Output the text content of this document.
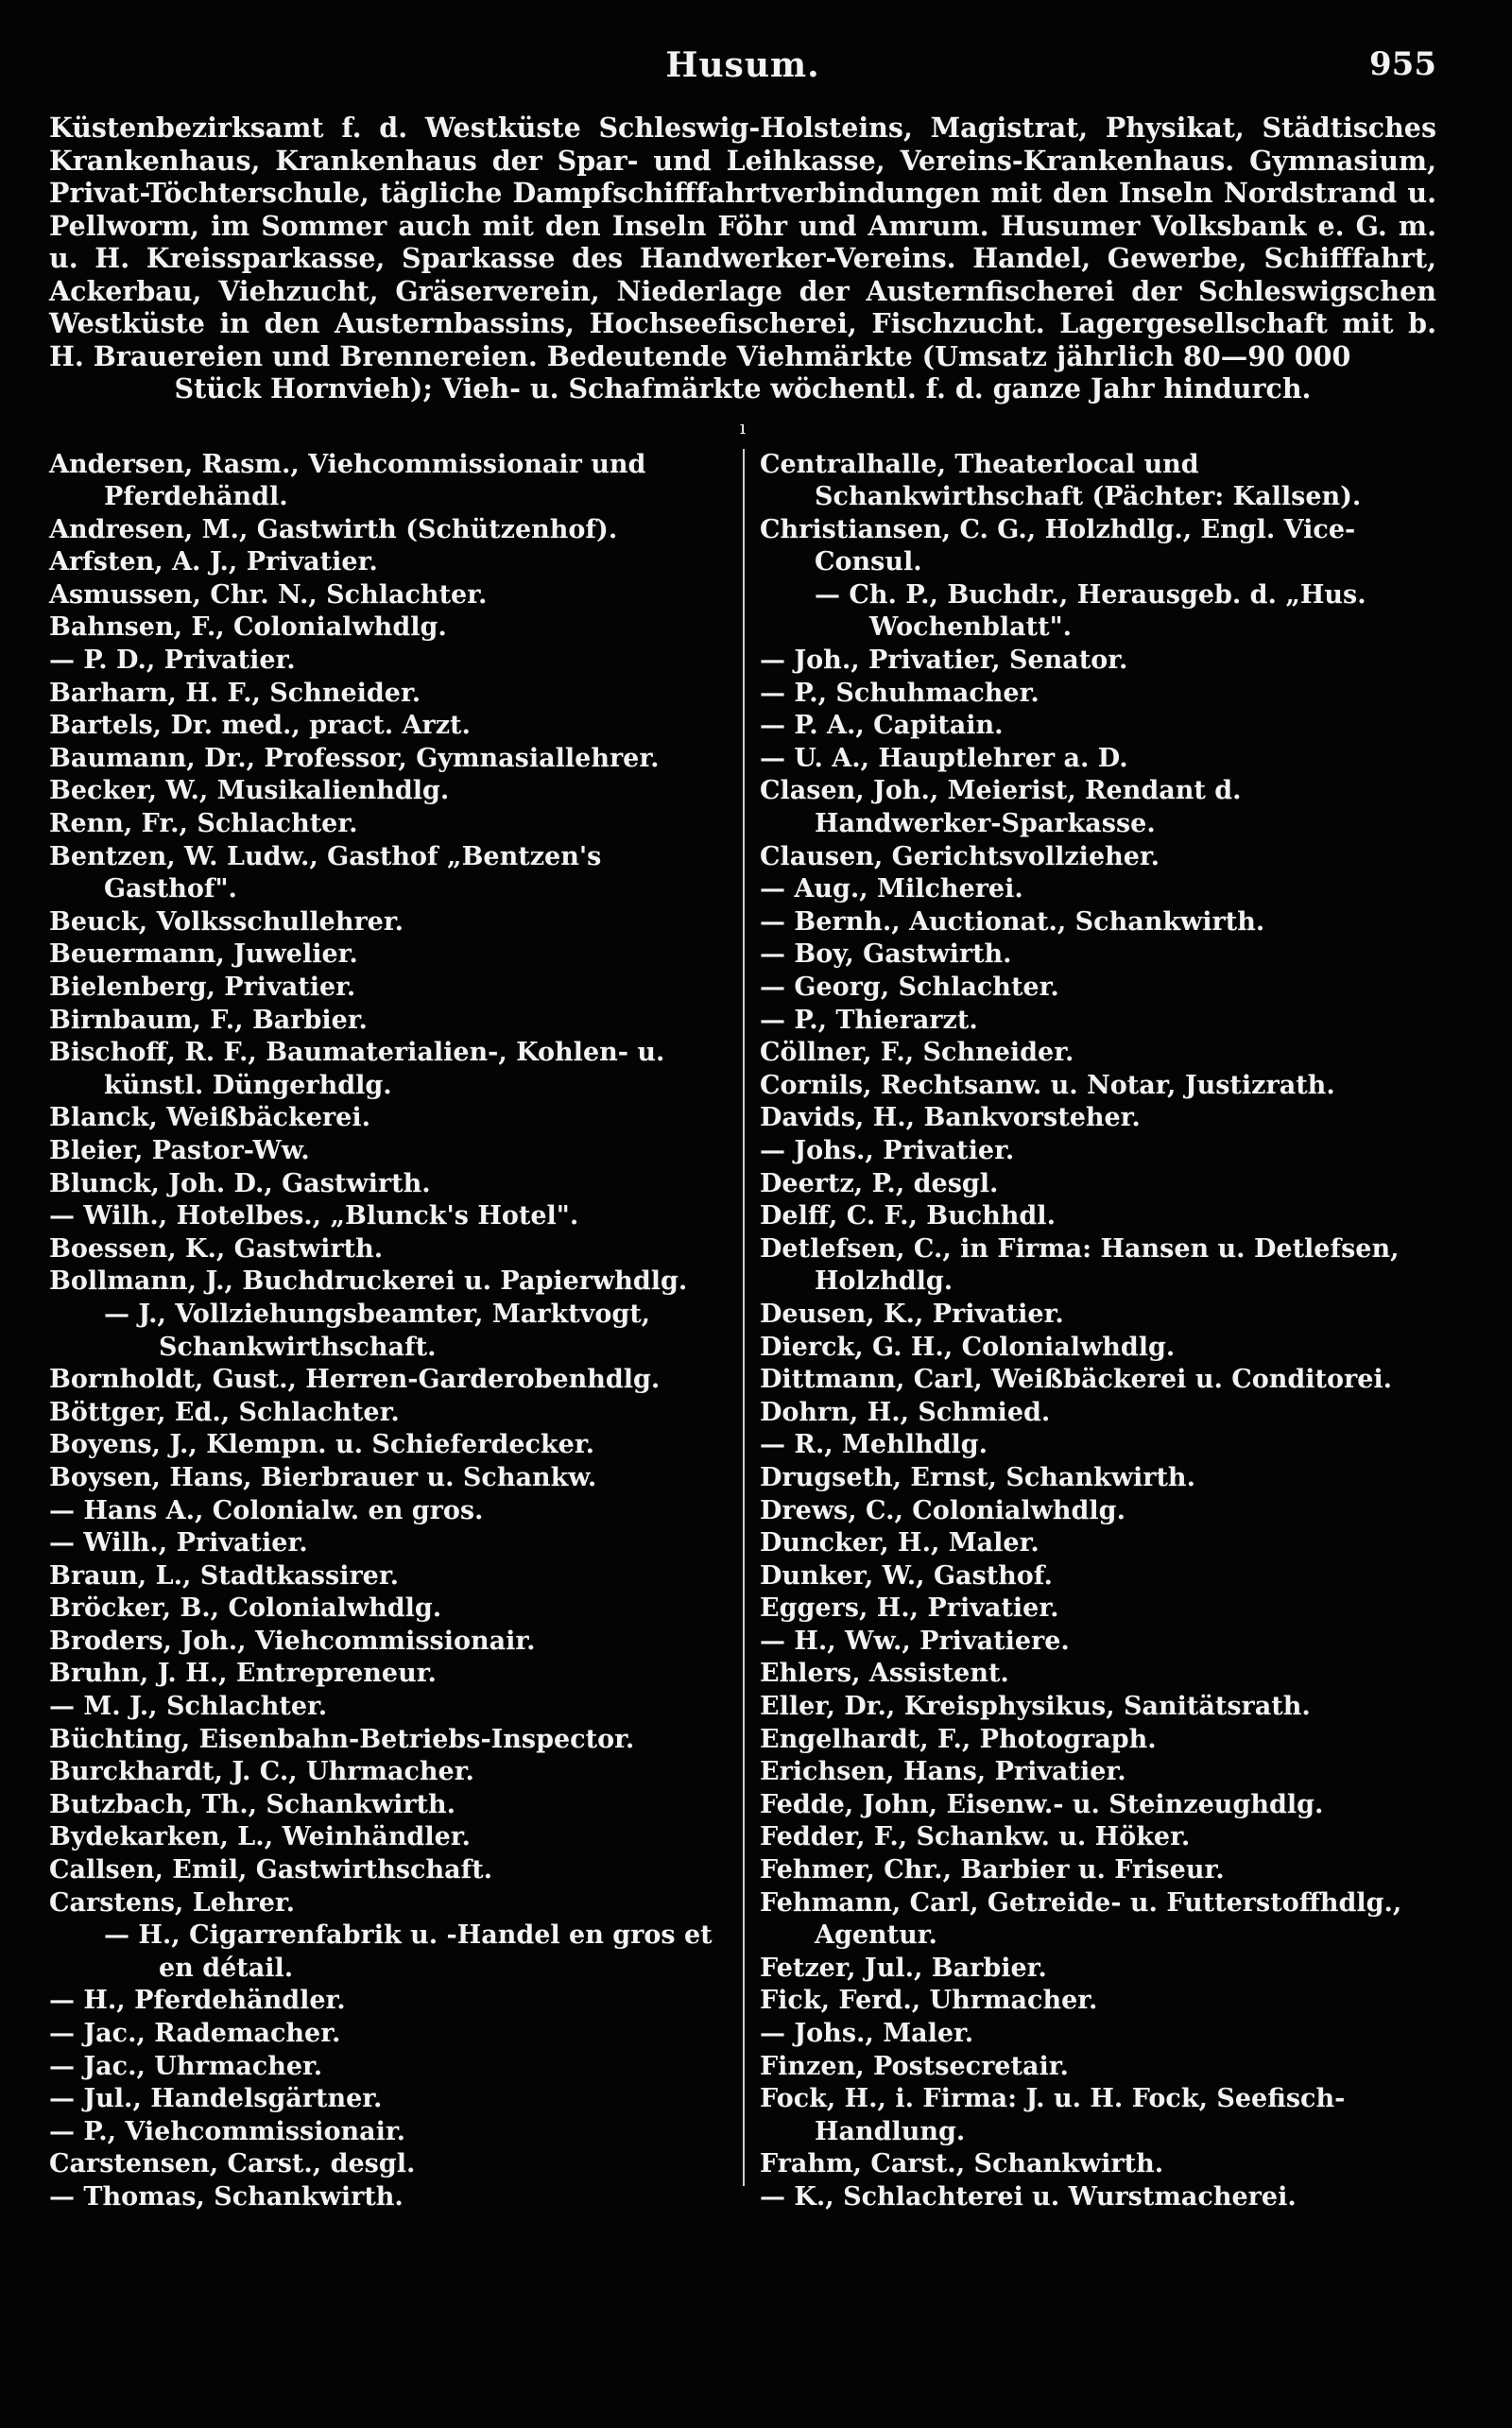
Husum.	955
Küstenbezirksamt f. d. Westküste Schleswig-Holsteins, Magistrat, Physikat, Städtisches Krankenhaus, Krankenhaus der Spar- und Leihkasse, Vereins-Krankenhaus. Gymnasium, Privat-Töchterschule, tägliche Dampfschifffahrtverbindungen mit den Inseln Nordstrand u. Pellworm, im Sommer auch mit den Inseln Föhr und Amrum. Husumer Volksbank e. G. m. u. H. Kreissparkasse, Sparkasse des Handwerker-Vereins. Handel, Gewerbe, Schifffahrt, Ackerbau, Viehzucht, Gräserverein, Niederlage der Austernfischerei der Schleswigschen Westküste in den Austernbassins, Hochseefischerei, Fischzucht. Lagergesellschaft mit b. H. Brauereien und Brennereien. Bedeutende Viehmärkte (Umsatz jährlich 80—90 000
Stück Hornvieh); Vieh- u. Schafmärkte wöchentl. f. d. ganze Jahr hindurch.
ı
Andersen, Rasm., Viehcommissionair und Pferdehändl.
Andresen, M., Gastwirth (Schützenhof).
Arfsten, A. J., Privatier.
Asmussen, Chr. N., Schlachter.
Bahnsen, F., Colonialwhdlg.
— P. D., Privatier.
Barharn, H. F., Schneider.
Bartels, Dr. med., pract. Arzt.
Baumann, Dr., Professor, Gymnasiallehrer.
Becker, W., Musikalienhdlg.
Renn, Fr., Schlachter.
Bentzen, W. Ludw., Gasthof „Bentzen's Gasthof".
Beuck, Volksschullehrer.
Beuermann, Juwelier.
Bielenberg, Privatier.
Birnbaum, F., Barbier.
Bischoff, R. F., Baumaterialien-, Kohlen- u. künstl. Düngerhdlg.
Blanck, Weißbäckerei.
Bleier, Pastor-Ww.
Blunck, Joh. D., Gastwirth.
— Wilh., Hotelbes., „Blunck's Hotel".
Boessen, K., Gastwirth.
Bollmann, J., Buchdruckerei u. Papierwhdlg.
— J., Vollziehungsbeamter, Marktvogt, Schankwirthschaft.
Bornholdt, Gust., Herren-Garderobenhdlg.
Böttger, Ed., Schlachter.
Boyens, J., Klempn. u. Schieferdecker.
Boysen, Hans, Bierbrauer u. Schankw.
— Hans A., Colonialw. en gros.
— Wilh., Privatier.
Braun, L., Stadtkassirer.
Bröcker, B., Colonialwhdlg.
Broders, Joh., Viehcommissionair.
Bruhn, J. H., Entrepreneur.
— M. J., Schlachter.
Büchting, Eisenbahn-Betriebs-Inspector.
Burckhardt, J. C., Uhrmacher.
Butzbach, Th., Schankwirth.
Bydekarken, L., Weinhändler.
Callsen, Emil, Gastwirthschaft.
Carstens, Lehrer.
— H., Cigarrenfabrik u. -Handel en gros et en détail.
— H., Pferdehändler.
— Jac., Rademacher.
— Jac., Uhrmacher.
— Jul., Handelsgärtner.
— P., Viehcommissionair.
Carstensen, Carst., desgl.
— Thomas, Schankwirth.
Centralhalle, Theaterlocal und Schankwirthschaft (Pächter: Kallsen).
Christiansen, C. G., Holzhdlg., Engl. Vice-Consul.
— Ch. P., Buchdr., Herausgeb. d. „Hus. Wochenblatt".
— Joh., Privatier, Senator.
— P., Schuhmacher.
— P. A., Capitain.
— U. A., Hauptlehrer a. D.
Clasen, Joh., Meierist, Rendant d. Handwerker-Sparkasse.
Clausen, Gerichtsvollzieher.
— Aug., Milcherei.
— Bernh., Auctionat., Schankwirth.
— Boy, Gastwirth.
— Georg, Schlachter.
— P., Thierarzt.
Cöllner, F., Schneider.
Cornils, Rechtsanw. u. Notar, Justizrath.
Davids, H., Bankvorsteher.
— Johs., Privatier.
Deertz, P., desgl.
Delff, C. F., Buchhdl.
Detlefsen, C., in Firma: Hansen u. Detlefsen, Holzhdlg.
Deusen, K., Privatier.
Dierck, G. H., Colonialwhdlg.
Dittmann, Carl, Weißbäckerei u. Conditorei.
Dohrn, H., Schmied.
— R., Mehlhdlg.
Drugseth, Ernst, Schankwirth.
Drews, C., Colonialwhdlg.
Duncker, H., Maler.
Dunker, W., Gasthof.
Eggers, H., Privatier.
— H., Ww., Privatiere.
Ehlers, Assistent.
Eller, Dr., Kreisphysikus, Sanitätsrath.
Engelhardt, F., Photograph.
Erichsen, Hans, Privatier.
Fedde, John, Eisenw.- u. Steinzeughdlg.
Fedder, F., Schankw. u. Höker.
Fehmer, Chr., Barbier u. Friseur.
Fehmann, Carl, Getreide- u. Futterstoffhdlg., Agentur.
Fetzer, Jul., Barbier.
Fick, Ferd., Uhrmacher.
— Johs., Maler.
Finzen, Postsecretair.
Fock, H., i. Firma: J. u. H. Fock, Seefisch-Handlung.
Frahm, Carst., Schankwirth.
— K., Schlachterei u. Wurstmacherei.
